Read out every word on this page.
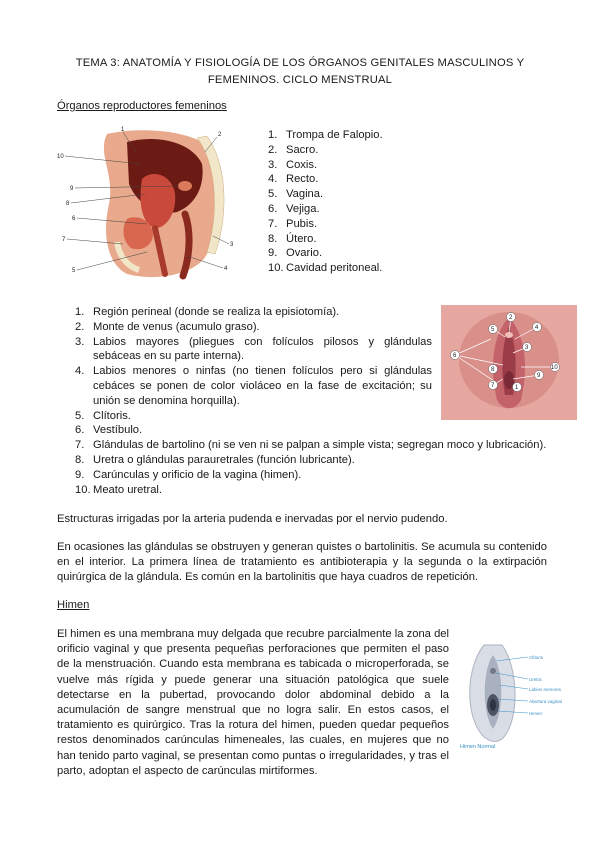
TEMA 3: ANATOMÍA Y FISIOLOGÍA DE LOS ÓRGANOS GENITALES MASCULINOS Y
FEMENINOS. CICLO MENSTRUAL
Órganos reproductores femeninos
1
2
3
4
5
6
7
8
9
10
1. Trompa de Falopio.
2. Sacro.
3. Coxis.
4. Recto.
5. Vagina.
6. Vejiga.
7. Pubis.
8. Útero.
9. Ovario.
10. Cavidad peritoneal.
6
5
2
4
3
10
9
7
8
1
1. Región perineal (donde se realiza la episiotomía).
2. Monte de venus (acumulo graso).
3. Labios mayores (pliegues con folículos pilosos y glándulas sebáceas en su parte interna).
4. Labios menores o ninfas (no tienen folículos pero si glándulas cebáces se ponen de color violáceo en la fase de excitación; su unión se denomina horquilla).
5. Clítoris.
6. Vestíbulo.
7. Glándulas de bartolino (ni se ven ni se palpan a simple vista; segregan moco y lubricación).
8. Uretra o glándulas parauretrales (función lubricante).
9. Carúnculas y orificio de la vagina (himen).
10. Meato uretral.

Estructuras irrigadas por la arteria pudenda e inervadas por el nervio pudendo.

En ocasiones las glándulas se obstruyen y generan quistes o bartolinitis. Se acumula su contenido en el interior. La primera línea de tratamiento es antibioterapia y la segunda o la extirpación quirúrgica de la glándula. Es común en la bartolinitis que haya cuadros de repetición.

Himen

El himen es una membrana muy delgada que recubre parcialmente la zona del orificio vaginal y que presenta pequeñas perforaciones que permiten el paso de la menstruación. Cuando esta membrana es tabicada o microperforada, se vuelve más rígida y puede generar una situación patológica que suele detectarse en la pubertad, provocando dolor abdominal debido a la acumulación de sangre menstrual que no logra salir. En estos casos, el tratamiento es quirúrgico. Tras la rotura del himen, pueden quedar pequeños restos denominados carúnculas himeneales, las cuales, en mujeres que no han tenido parto vaginal, se presentan como puntas o irregularidades, y tras el parto, adoptan el aspecto de carúnculas mirtiformes.

Clítoris
Uretra
Labios menores
Abertura vaginal
Himen
Himen Normal
